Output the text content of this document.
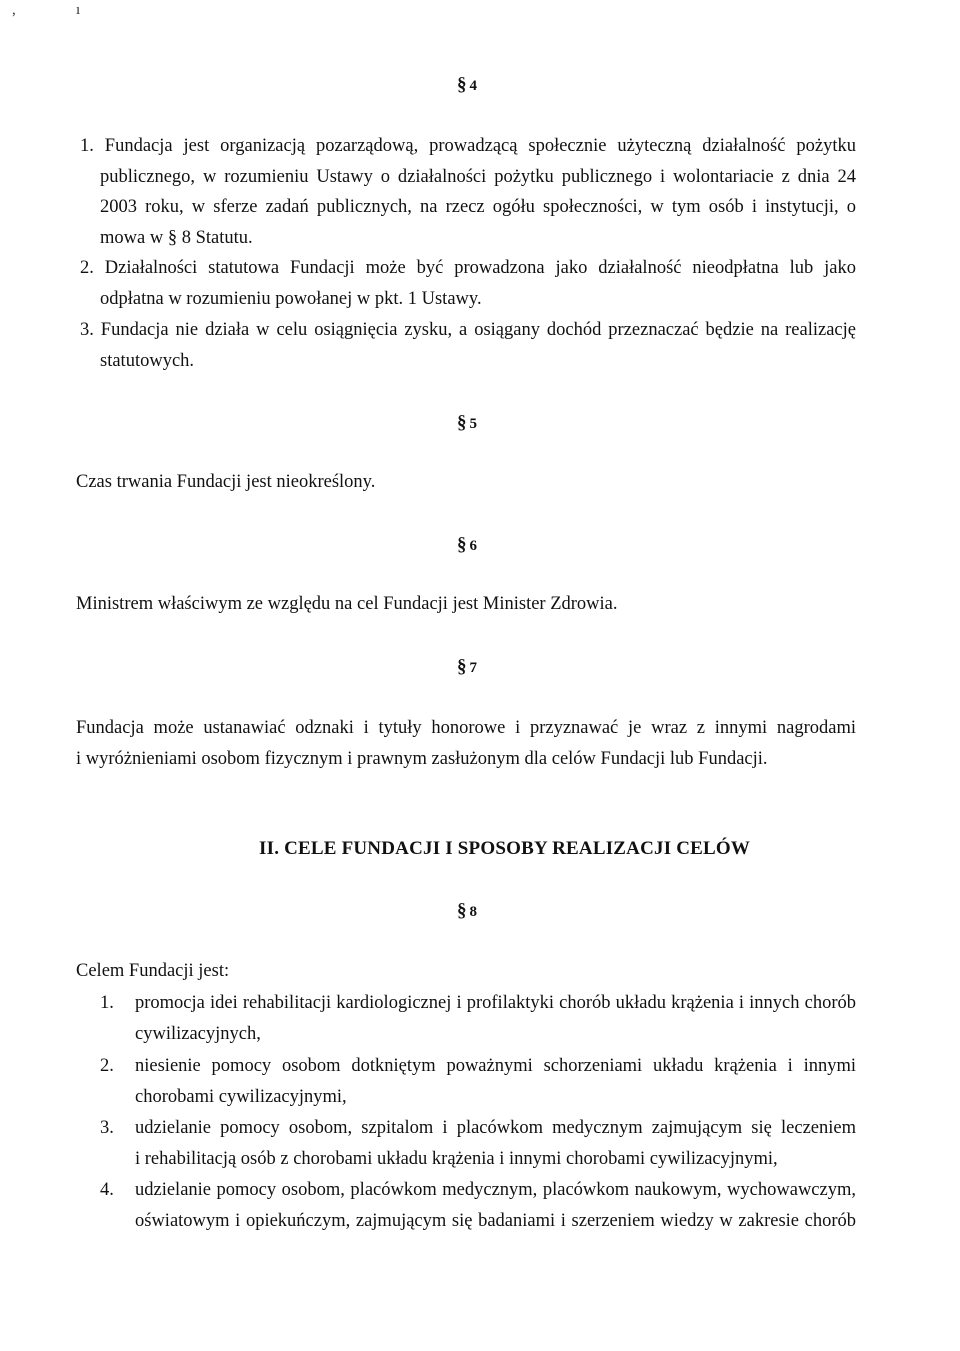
,	ı
§ 4
1. Fundacja jest organizacją pozarządową, prowadzącą społecznie użyteczną działalność pożytku
publicznego, w rozumieniu Ustawy o działalności pożytku publicznego i wolontariacie z dnia 24
2003 roku, w sferze zadań publicznych, na rzecz ogółu społeczności, w tym osób i instytucji, o
mowa w § 8 Statutu.
2. Działalności statutowa Fundacji może być prowadzona jako działalność nieodpłatna lub jako
odpłatna w rozumieniu powołanej w pkt. 1 Ustawy.
3. Fundacja nie działa w celu osiągnięcia zysku, a osiągany dochód przeznaczać będzie na realizację
statutowych.
§ 5
Czas trwania Fundacji jest nieokreślony.
§ 6
Ministrem właściwym ze względu na cel Fundacji jest Minister Zdrowia.
§ 7
Fundacja może ustanawiać odznaki i tytuły honorowe i przyznawać je wraz z innymi nagrodami
i wyróżnieniami osobom fizycznym i prawnym zasłużonym dla celów Fundacji lub Fundacji.
II. CELE FUNDACJI I SPOSOBY REALIZACJI CELÓW
§ 8
Celem Fundacji jest:
1. promocja idei rehabilitacji kardiologicznej i profilaktyki chorób układu krążenia i innych chorób
cywilizacyjnych,
2. niesienie pomocy osobom dotkniętym poważnymi schorzeniami układu krążenia i innymi
chorobami cywilizacyjnymi,
3. udzielanie pomocy osobom, szpitalom i placówkom medycznym zajmującym się leczeniem
i rehabilitacją osób z chorobami układu krążenia i innymi chorobami cywilizacyjnymi,
4. udzielanie pomocy osobom, placówkom medycznym, placówkom naukowym, wychowawczym,
oświatowym i opiekuńczym, zajmującym się badaniami i szerzeniem wiedzy w zakresie chorób
